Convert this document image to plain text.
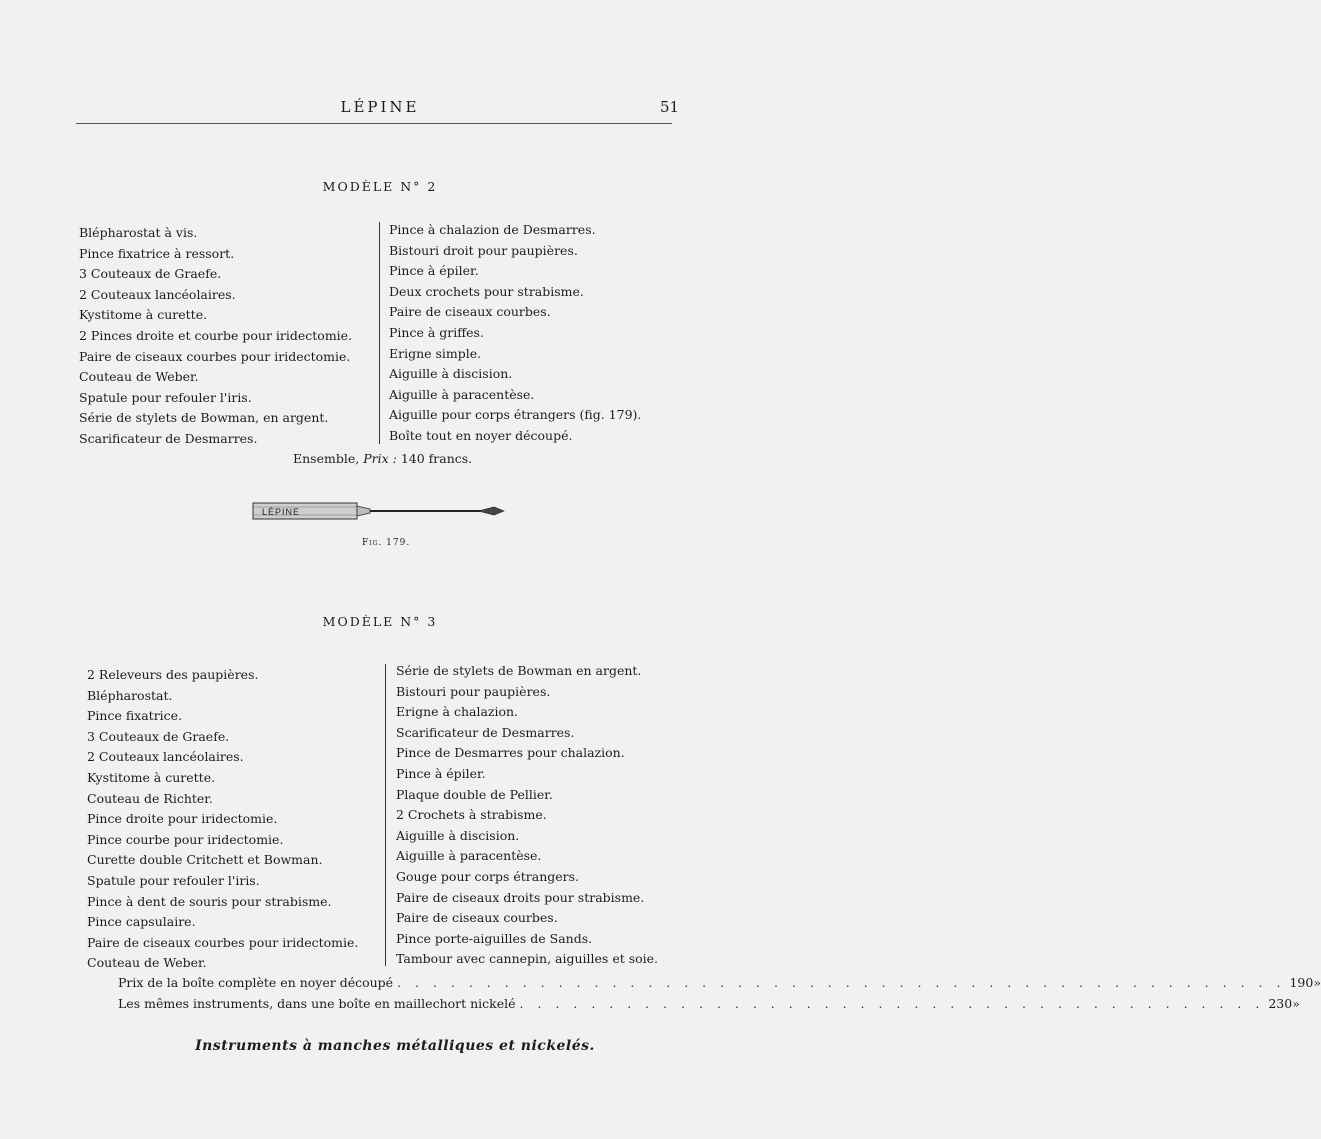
LÉPINE	51
MODÈLE N° 2
Blépharostat à vis.
Pince fixatrice à ressort.
3 Couteaux de Graefe.
2 Couteaux lancéolaires.
Kystitome à curette.
2 Pinces droite et courbe pour iridectomie.
Paire de ciseaux courbes pour iridectomie.
Couteau de Weber.
Spatule pour refouler l'iris.
Série de stylets de Bowman, en argent.
Scarificateur de Desmarres.
Pince à chalazion de Desmarres.
Bistouri droit pour paupières.
Pince à épiler.
Deux crochets pour strabisme.
Paire de ciseaux courbes.
Pince à griffes.
Erigne simple.
Aiguille à discision.
Aiguille à paracentèse.
Aiguille pour corps étrangers (fig. 179).
Boîte tout en noyer découpé.
Ensemble, Prix : 140 francs.
LÉPINE
Fig. 179.
MODÈLE N° 3
2 Releveurs des paupières.
Blépharostat.
Pince fixatrice.
3 Couteaux de Graefe.
2 Couteaux lancéolaires.
Kystitome à curette.
Couteau de Richter.
Pince droite pour iridectomie.
Pince courbe pour iridectomie.
Curette double Critchett et Bowman.
Spatule pour refouler l'iris.
Pince à dent de souris pour strabisme.
Pince capsulaire.
Paire de ciseaux courbes pour iridectomie.
Couteau de Weber.
Série de stylets de Bowman en argent.
Bistouri pour paupières.
Erigne à chalazion.
Scarificateur de Desmarres.
Pince de Desmarres pour chalazion.
Pince à épiler.
Plaque double de Pellier.
2 Crochets à strabisme.
Aiguille à discision.
Aiguille à paracentèse.
Gouge pour corps étrangers.
Paire de ciseaux droits pour strabisme.
Paire de ciseaux courbes.
Pince porte-aiguilles de Sands.
Tambour avec cannepin, aiguilles et soie.
Prix de la boîte complète en noyer découpé . . . . . . . . . . . . . . . . . . . . . . . . . . . . . . . . . . . . . . . . . . . . . . . . . . 190 »
Les mêmes instruments, dans une boîte en maillechort nickelé . . . . . . . . . . . . . . . . . . . . . . . . . . . . . . . . . . . . . . . . . . 230 »
Instruments à manches métalliques et nickelés.
